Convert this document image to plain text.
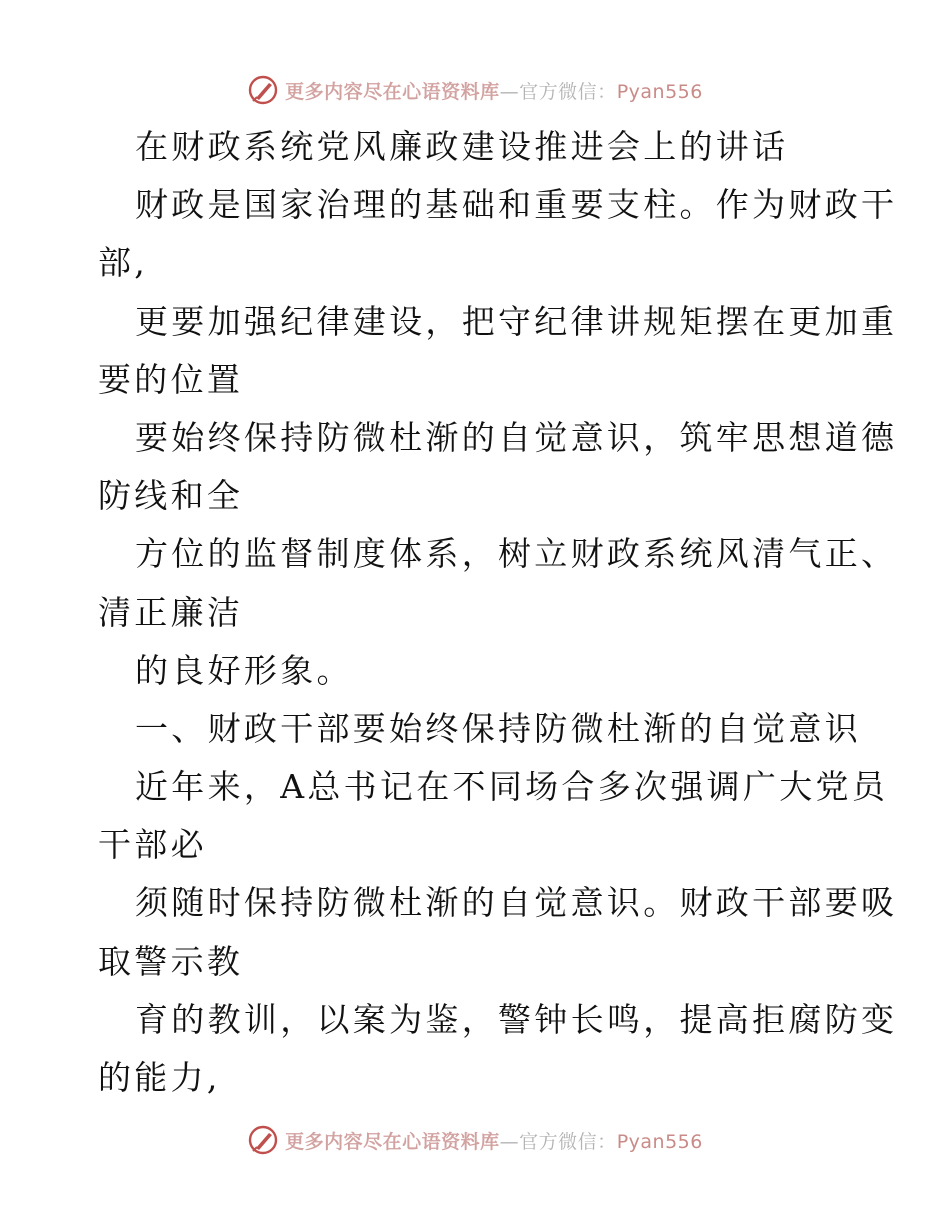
更多内容尽在心语资料库—官方微信：Pyan556
在财政系统党风廉政建设推进会上的讲话
财政是国家治理的基础和重要支柱。作为财政干
部,
更要加强纪律建设，把守纪律讲规矩摆在更加重
要的位置
要始终保持防微杜渐的自觉意识，筑牢思想道德
防线和全
方位的监督制度体系，树立财政系统风清气正、
清正廉洁
的良好形象。
一、财政干部要始终保持防微杜渐的自觉意识
近年来，A总书记在不同场合多次强调广大党员
干部必
须随时保持防微杜渐的自觉意识。财政干部要吸
取警示教
育的教训，以案为鉴，警钟长鸣，提高拒腐防变
的能力,
更多内容尽在心语资料库—官方微信：Pyan556
